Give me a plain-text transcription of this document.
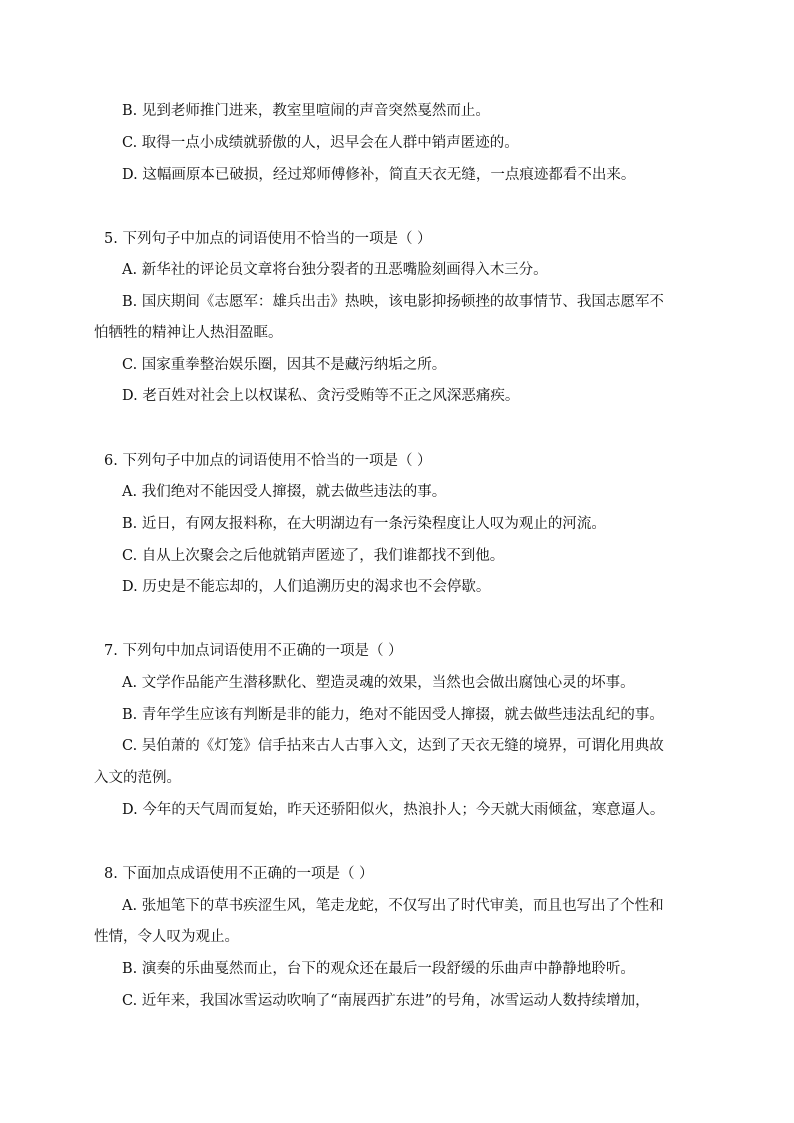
B. 见到老师推门进来，教室里喧闹的声音突然戛然而止。
C. 取得一点小成绩就骄傲的人，迟早会在人群中销声匿迹的。
D. 这幅画原本已破损，经过郑师傅修补，简直天衣无缝，一点痕迹都看不出来。
5. 下列句子中加点的词语使用不恰当的一项是（ ）
A. 新华社的评论员文章将台独分裂者的丑恶嘴脸刻画得入木三分。
B. 国庆期间《志愿军：雄兵出击》热映，该电影抑扬顿挫的故事情节、我国志愿军不
怕牺牲的精神让人热泪盈眶。
C. 国家重拳整治娱乐圈，因其不是藏污纳垢之所。
D. 老百姓对社会上以权谋私、贪污受贿等不正之风深恶痛疾。
6. 下列句子中加点的词语使用不恰当的一项是（ ）
A. 我们绝对不能因受人撺掇，就去做些违法的事。
B. 近日，有网友报料称，在大明湖边有一条污染程度让人叹为观止的河流。
C. 自从上次聚会之后他就销声匿迹了，我们谁都找不到他。
D. 历史是不能忘却的，人们追溯历史的渴求也不会停歇。
7. 下列句中加点词语使用不正确的一项是（ ）
A. 文学作品能产生潜移默化、塑造灵魂的效果，当然也会做出腐蚀心灵的坏事。
B. 青年学生应该有判断是非的能力，绝对不能因受人撺掇，就去做些违法乱纪的事。
C. 吴伯萧的《灯笼》信手拈来古人古事入文，达到了天衣无缝的境界，可谓化用典故
入文的范例。
D. 今年的天气周而复始，昨天还骄阳似火，热浪扑人；今天就大雨倾盆，寒意逼人。
8. 下面加点成语使用不正确的一项是（ ）
A. 张旭笔下的草书疾涩生风，笔走龙蛇，不仅写出了时代审美，而且也写出了个性和
性情，令人叹为观止。
B. 演奏的乐曲戛然而止，台下的观众还在最后一段舒缓的乐曲声中静静地聆听。
C. 近年来，我国冰雪运动吹响了“南展西扩东进”的号角，冰雪运动人数持续增加，
